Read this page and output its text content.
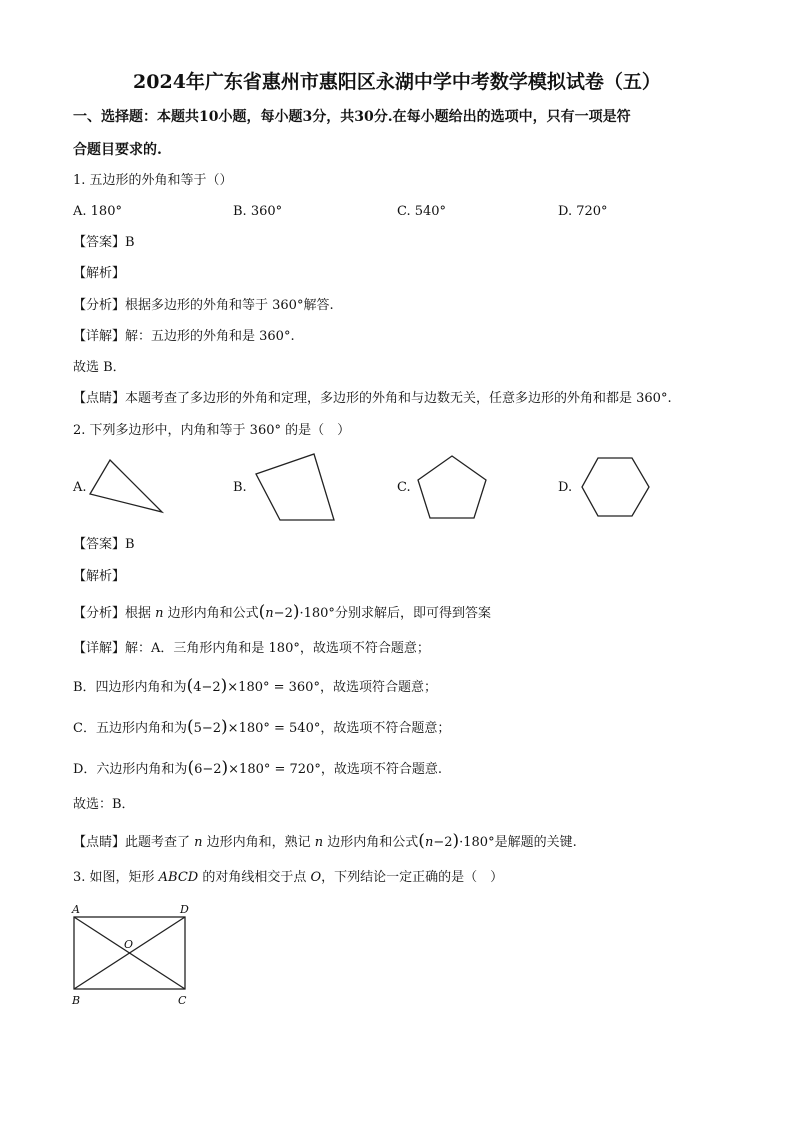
2024年广东省惠州市惠阳区永湖中学中考数学模拟试卷（五）
一、选择题：本题共10小题，每小题3分，共30分.在每小题给出的选项中，只有一项是符
合题目要求的.
1. 五边形的外角和等于（）
A. 180°	B. 360°	C. 540°	D. 720°
【答案】B
【解析】
【分析】根据多边形的外角和等于 360°解答.
【详解】解：五边形的外角和是 360°.
故选 B．
【点睛】本题考查了多边形的外角和定理，多边形的外角和与边数无关，任意多边形的外角和都是 360°.
2. 下列多边形中，内角和等于 360° 的是（　）
A.	B.	C.	D.
【答案】B
【解析】
【分析】根据 n 边形内角和公式(n−2)·180°分别求解后，即可得到答案
【详解】解：A．三角形内角和是 180°，故选项不符合题意；
B．四边形内角和为(4−2)×180° = 360°，故选项符合题意；
C．五边形内角和为(5−2)×180° = 540°，故选项不符合题意；
D．六边形内角和为(6−2)×180° = 720°，故选项不符合题意.
故选：B．
【点睛】此题考查了 n 边形内角和，熟记 n 边形内角和公式(n−2)·180°是解题的关键.
3. 如图，矩形 ABCD 的对角线相交于点 O，下列结论一定正确的是（　）
A	D
B	C
O
